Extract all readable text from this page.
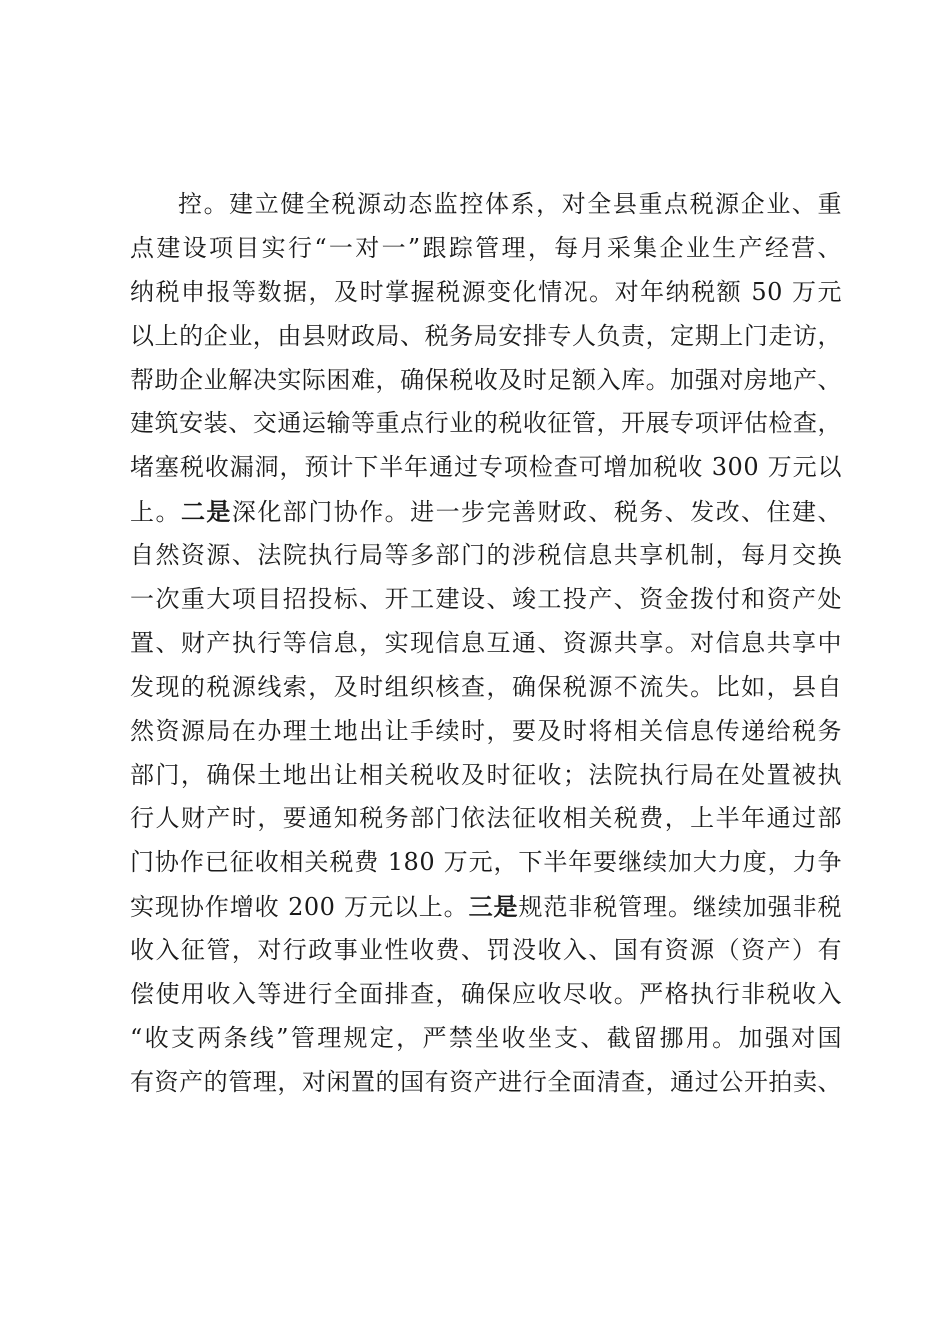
控。建立健全税源动态监控体系，对全县重点税源企业、重
点建设项目实行“一对一”跟踪管理，每月采集企业生产经营、
纳税申报等数据，及时掌握税源变化情况。对年纳税额 50 万元
以上的企业，由县财政局、税务局安排专人负责，定期上门走访，
帮助企业解决实际困难，确保税收及时足额入库。加强对房地产、
建筑安装、交通运输等重点行业的税收征管，开展专项评估检查，
堵塞税收漏洞，预计下半年通过专项检查可增加税收 300 万元以
上。二是深化部门协作。进一步完善财政、税务、发改、住建、
自然资源、法院执行局等多部门的涉税信息共享机制，每月交换
一次重大项目招投标、开工建设、竣工投产、资金拨付和资产处
置、财产执行等信息，实现信息互通、资源共享。对信息共享中
发现的税源线索，及时组织核查，确保税源不流失。比如，县自
然资源局在办理土地出让手续时，要及时将相关信息传递给税务
部门，确保土地出让相关税收及时征收；法院执行局在处置被执
行人财产时，要通知税务部门依法征收相关税费，上半年通过部
门协作已征收相关税费 180 万元，下半年要继续加大力度，力争
实现协作增收 200 万元以上。三是规范非税管理。继续加强非税
收入征管，对行政事业性收费、罚没收入、国有资源（资产）有
偿使用收入等进行全面排查，确保应收尽收。严格执行非税收入
“收支两条线”管理规定，严禁坐收坐支、截留挪用。加强对国
有资产的管理，对闲置的国有资产进行全面清查，通过公开拍卖、
